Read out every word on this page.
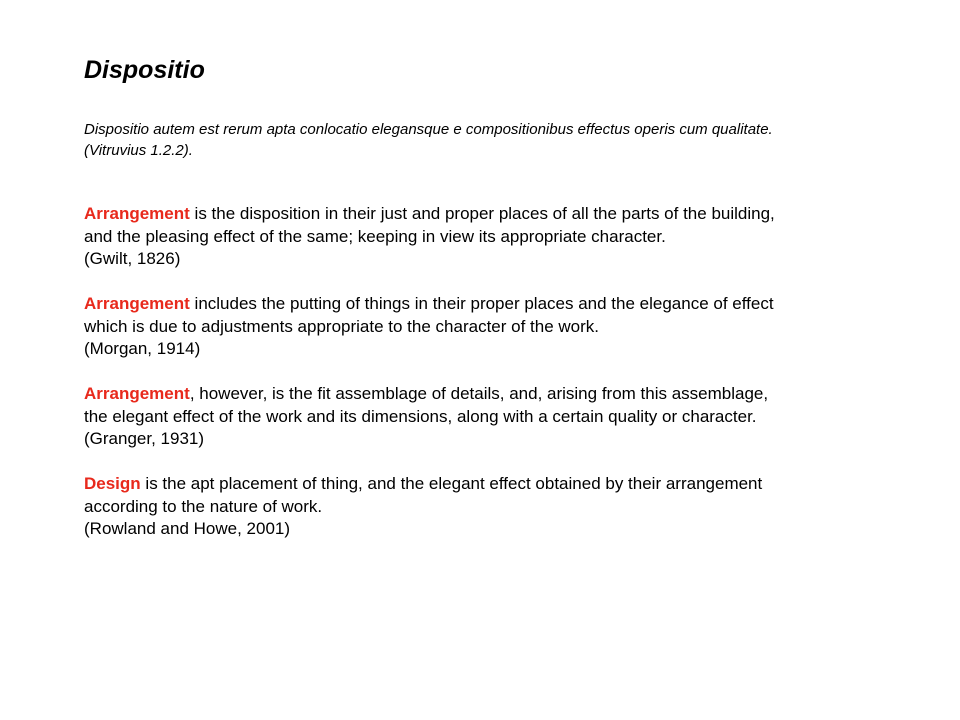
Dispositio

Dispositio autem est rerum apta conlocatio elegansque e compositionibus effectus operis cum qualitate.

(Vitruvius 1.2.2).

Arrangement is the disposition in their just and proper places of all the parts of the building,

and the pleasing effect of the same; keeping in view its appropriate character.

(Gwilt, 1826)

Arrangement includes the putting of things in their proper places and the elegance of effect

which is due to adjustments appropriate to the character of the work.

(Morgan, 1914)

Arrangement, however, is the fit assemblage of details, and, arising from this assemblage,

the elegant effect of the work and its dimensions, along with a certain quality or character.

(Granger, 1931)

Design is the apt placement of thing, and the elegant effect obtained by their arrangement

according to the nature of work.

(Rowland and Howe, 2001)
